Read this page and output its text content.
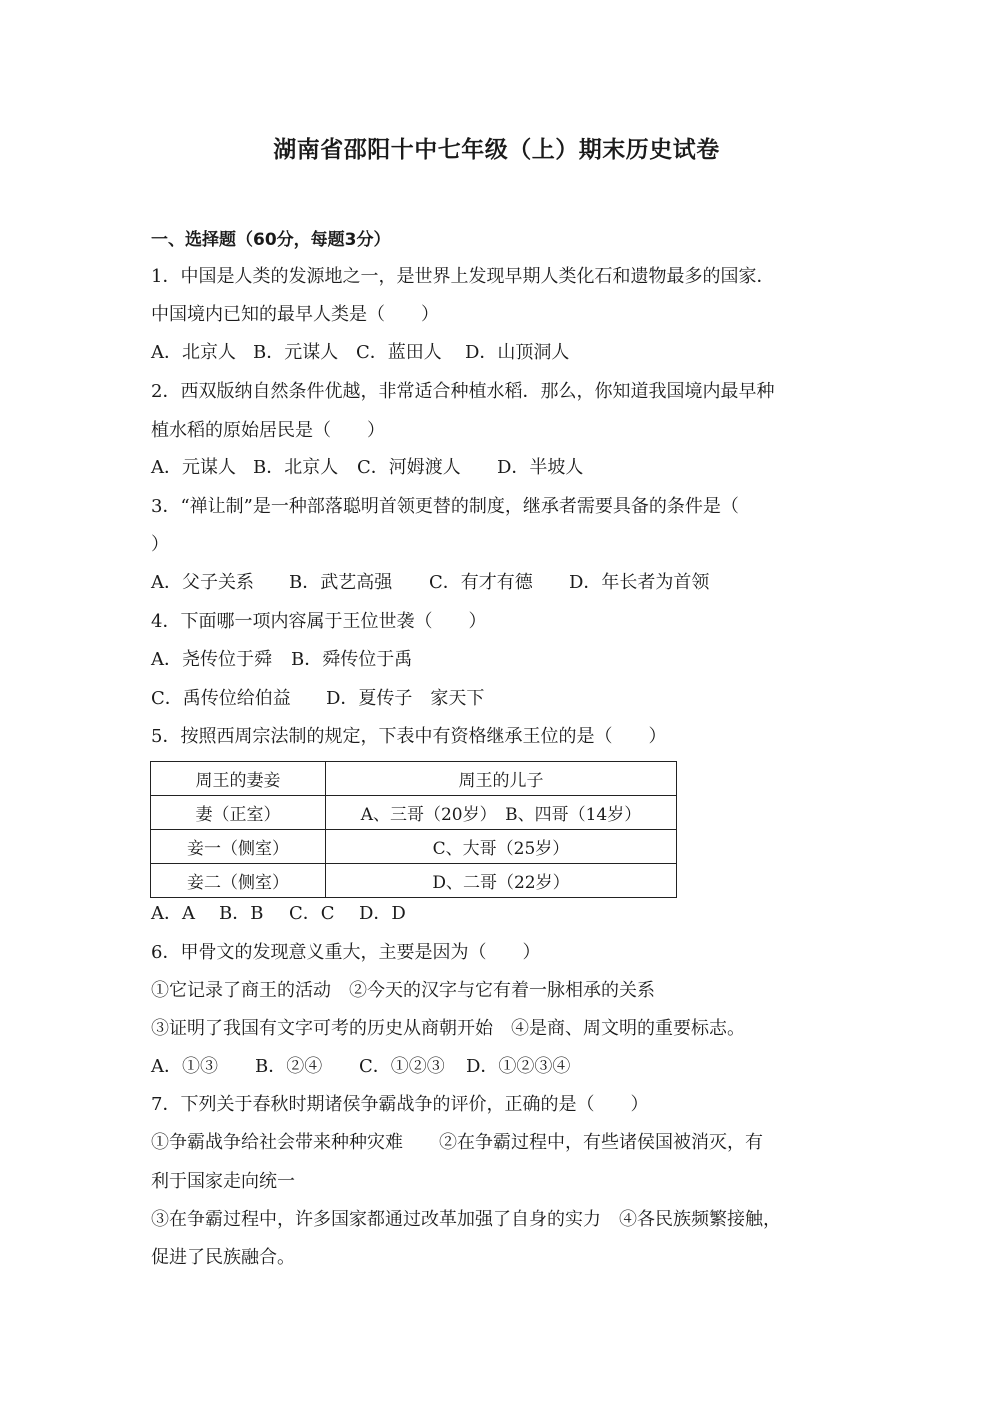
湖南省邵阳十中七年级（上）期末历史试卷
一、选择题（60分，每题3分）
1．中国是人类的发源地之一，是世界上发现早期人类化石和遗物最多的国家．
中国境内已知的最早人类是（　　）
A．北京人 B．元谋人 C．蓝田人 D．山顶洞人
2．西双版纳自然条件优越，非常适合种植水稻．那么，你知道我国境内最早种
植水稻的原始居民是（　　）
A．元谋人 B．北京人 C．河姆渡人 D．半坡人
3．“禅让制”是一种部落聪明首领更替的制度，继承者需要具备的条件是（
）
A．父子关系 B．武艺高强 C．有才有德 D．年长者为首领
4．下面哪一项内容属于王位世袭（　　）
A．尧传位于舜 B．舜传位于禹
C．禹传位给伯益 D．夏传子　家天下
5．按照西周宗法制的规定，下表中有资格继承王位的是（　　）
周王的妻妾	周王的儿子
妻（正室）	A、三哥（20岁）　B、四哥（14岁）
妾一（侧室）	C、大哥（25岁）
妾二（侧室）	D、二哥（22岁）
A．A B．B C．C D．D
6．甲骨文的发现意义重大，主要是因为（　　）
①它记录了商王的活动　②今天的汉字与它有着一脉相承的关系
③证明了我国有文字可考的历史从商朝开始　④是商、周文明的重要标志。
A．①③ B．②④ C．①②③ D．①②③④
7．下列关于春秋时期诸侯争霸战争的评价，正确的是（　　）
①争霸战争给社会带来种种灾难　　②在争霸过程中，有些诸侯国被消灭，有
利于国家走向统一
③在争霸过程中，许多国家都通过改革加强了自身的实力　④各民族频繁接触，
促进了民族融合。
